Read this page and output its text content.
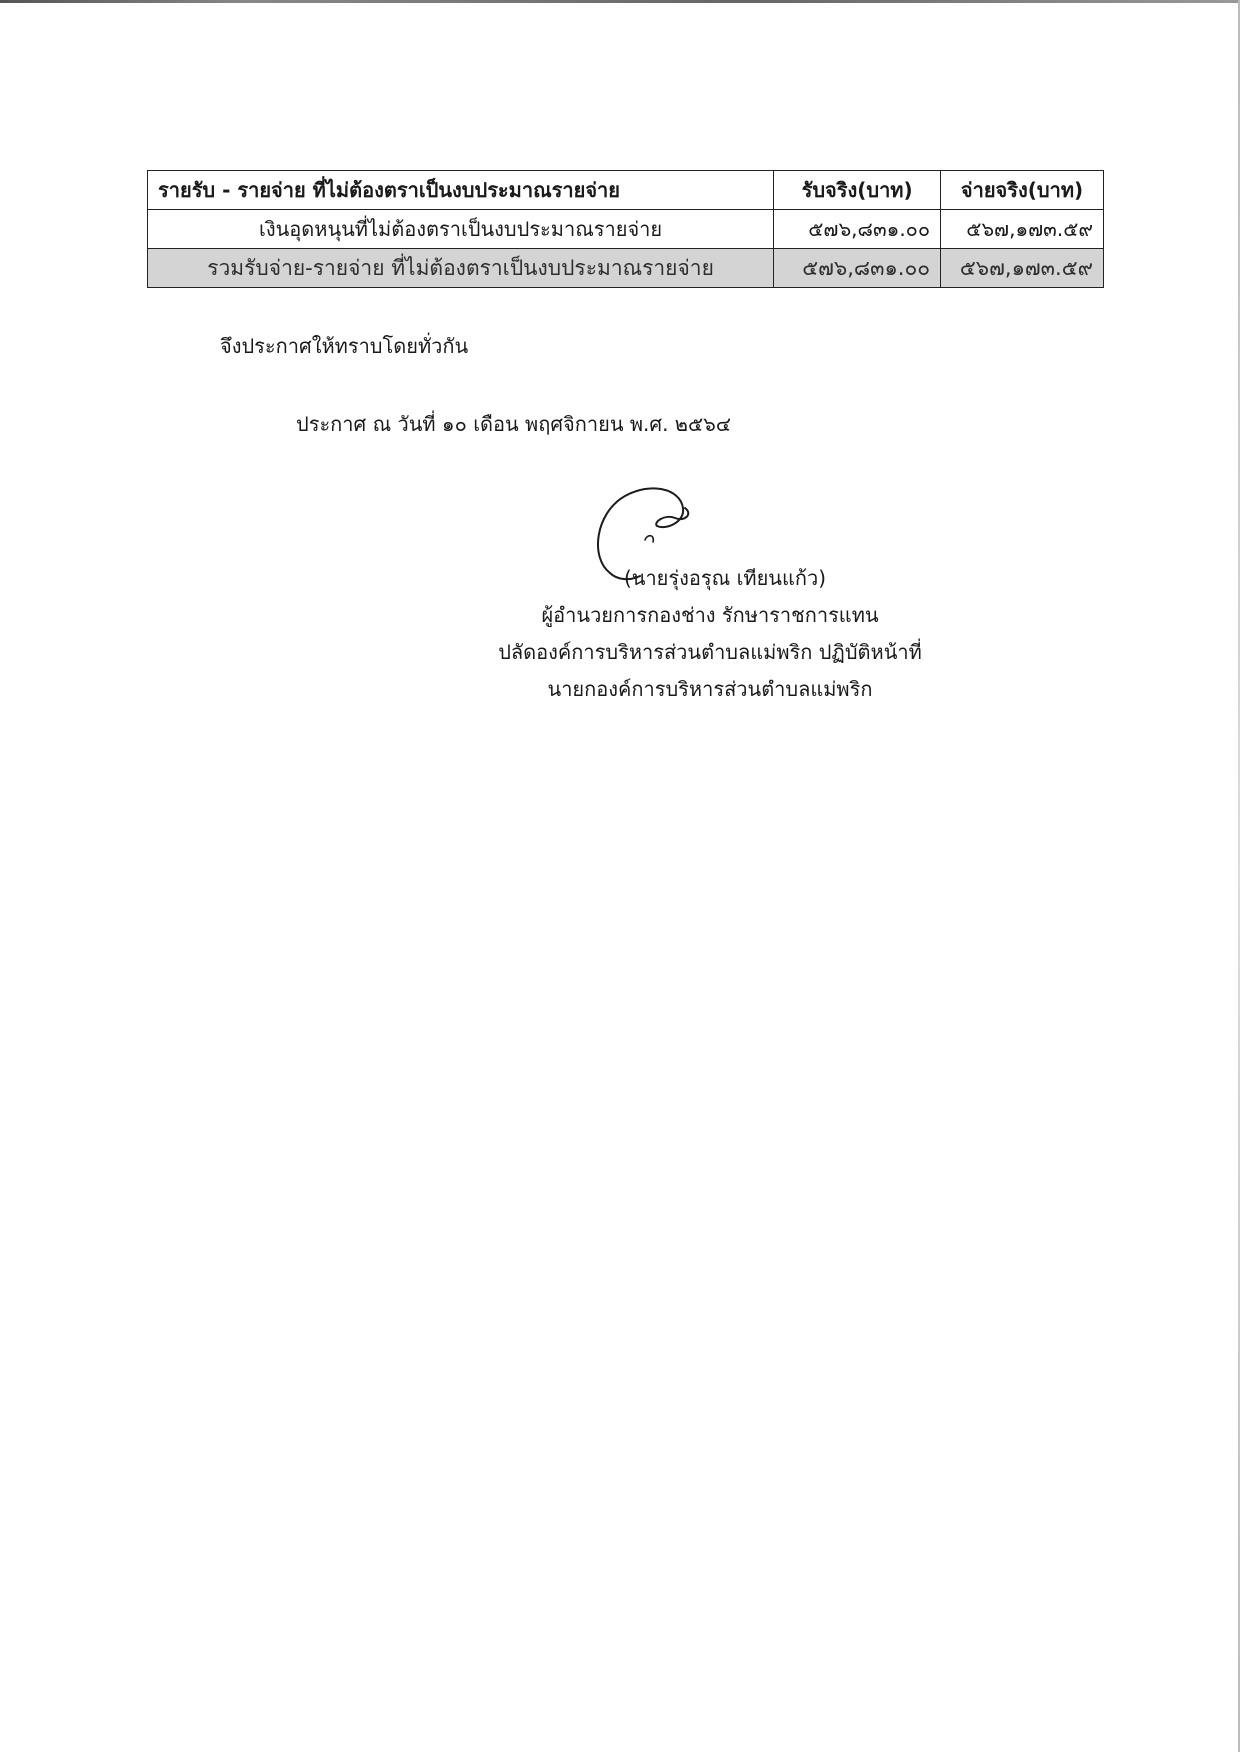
รายรับ - รายจ่าย ที่ไม่ต้องตราเป็นงบประมาณรายจ่าย	รับจริง(บาท)	จ่ายจริง(บาท)
เงินอุดหนุนที่ไม่ต้องตราเป็นงบประมาณรายจ่าย	๕๗๖,๘๓๑.๐๐	๕๖๗,๑๗๓.๕๙
รวมรับจ่าย-รายจ่าย ที่ไม่ต้องตราเป็นงบประมาณรายจ่าย	๕๗๖,๘๓๑.๐๐	๕๖๗,๑๗๓.๕๙
จึงประกาศให้ทราบโดยทั่วกัน
ประกาศ ณ วันที่ ๑๐ เดือน พฤศจิกายน พ.ศ. ๒๕๖๔
(นายรุ่งอรุณ เทียนแก้ว)
ผู้อำนวยการกองช่าง รักษาราชการแทน
ปลัดองค์การบริหารส่วนตำบลแม่พริก ปฏิบัติหน้าที่
นายกองค์การบริหารส่วนตำบลแม่พริก
